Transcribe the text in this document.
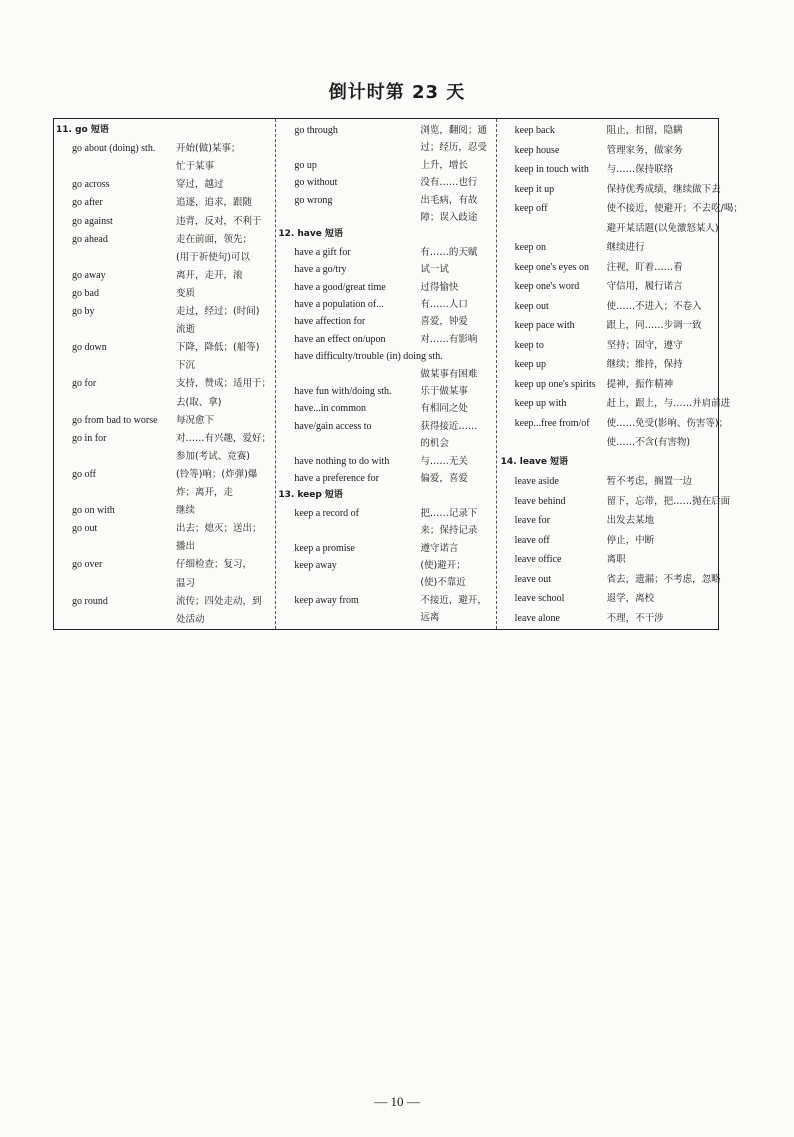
倒计时第 23 天
11. go 短语
go about (doing) sth. 开始(做)某事；
忙于某事
go across	穿过，越过
go after	追逐，追求，跟随
go against	违背，反对，不利于
go ahead	走在前面，领先；
(用于祈使句)可以
go away	离开，走开，滚
go bad	变质
go by	走过，经过；(时间)
流逝
go down	下降，降低；(船等)
下沉
go for	支持，赞成；适用于；
去(取、拿)
go from bad to worse 每况愈下
go in for	对……有兴趣，爱好；
参加(考试、竞赛)
go off	(铃等)响；(炸弹)爆
炸；离开，走
go on with	继续
go out	出去；熄灭；送出；
播出
go over	仔细检查；复习，
温习
go round	流传；四处走动，到
处活动
go through	浏览，翻阅；通
过；经历，忍受
go up	上升，增长
go without	没有……也行
go wrong	出毛病，有故
障；误入歧途
12. have 短语
have a gift for	有……的天赋
have a go/try	试一试
have a good/great time	过得愉快
have a population of...	有……人口
have affection for	喜爱，钟爱
have an effect on/upon	对……有影响
have difficulty/trouble (in) doing sth.
做某事有困难
have fun with/doing sth.	乐于做某事
have...in common	有相同之处
have/gain access to	获得接近……
的机会
have nothing to do with	与……无关
have a preference for	偏爱，喜爱
13. keep 短语
keep a record of	把……记录下
来；保持记录
keep a promise	遵守诺言
keep away	(使)避开；
(使)不靠近
keep away from	不接近，避开，
远离
keep back	阻止，扣留，隐瞒
keep house	管理家务，做家务
keep in touch with 与……保持联络
keep it up	保持优秀成绩，继续做下去
keep off	使不接近，使避开；不去吃/喝；
避开某话题(以免激怒某人)
keep on	继续进行
keep one's eyes on 注视，盯着……看
keep one's word	守信用，履行诺言
keep out	使……不进入；不卷入
keep pace with	跟上，同……步调一致
keep to	坚持；固守，遵守
keep up	继续；维持，保持
keep up one's spirits 提神，振作精神
keep up with	赶上，跟上，与……并肩前进
keep...free from/of 使……免受(影响、伤害等)；
使……不含(有害物)
14. leave 短语
leave aside	暂不考虑，搁置一边
leave behind	留下，忘带，把……抛在后面
leave for	出发去某地
leave off	停止，中断
leave office	离职
leave out	省去，遗漏；不考虑，忽略
leave school	退学，离校
leave alone	不理，不干涉
— 10 —
